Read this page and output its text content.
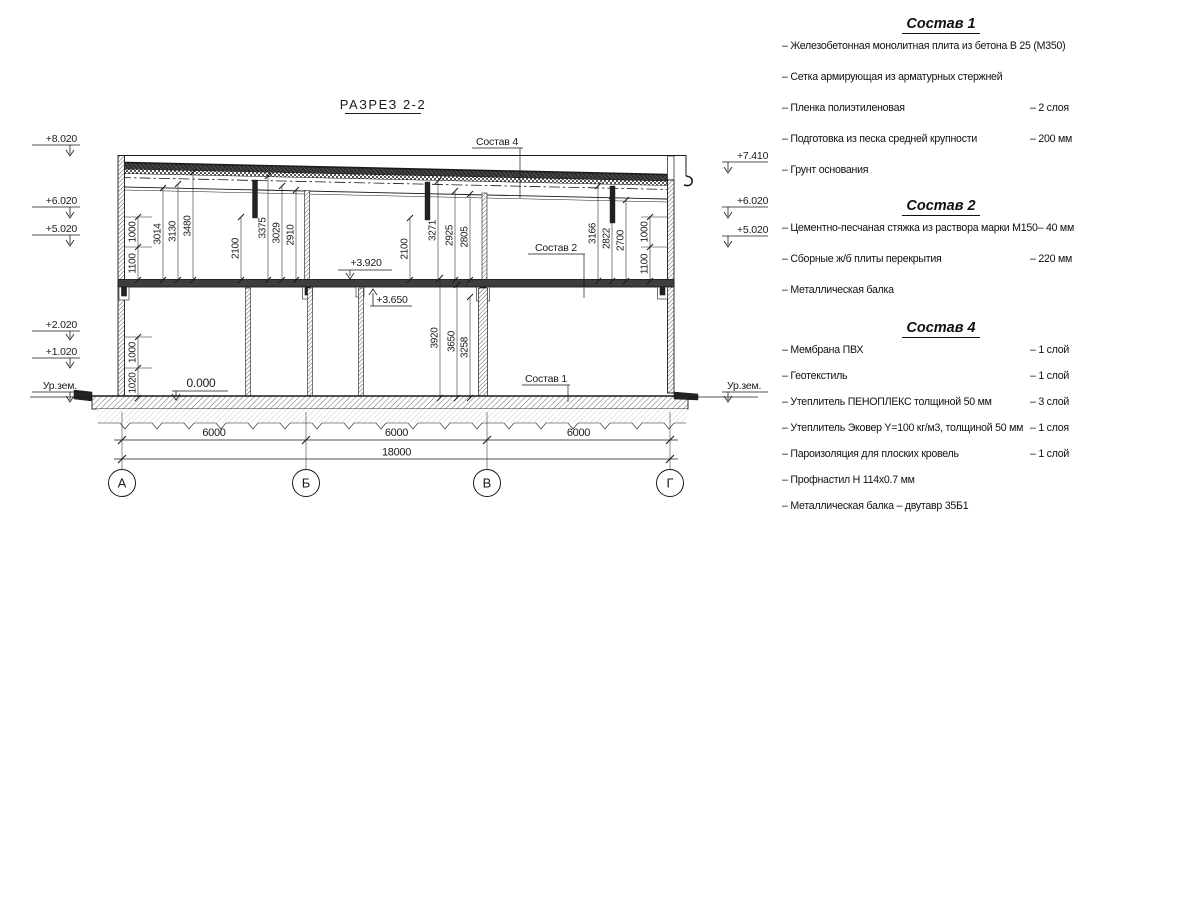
1000
1100
3014 3130 3480
2100
3375 3029 2910
2100
3271 2925 2805	3166 2822 2700 1000
1100
1000
1020
3920 3650 3258
6000	6000	6000
18000
А	Б	В	Г
+8.020
+6.020
+5.020
+2.020
+1.020
Ур.зем.
+7.410
+6.020
+5.020
Ур.зем.
0.000
+3.920
+3.650
Состав 4
Состав 2
Состав 1
РАЗРЕЗ 2-2
Состав 1
– Железобетонная монолитная плита из бетона В 25 (М350)
– Сетка армирующая из арматурных стержней
– Пленка полиэтиленовая	– 2 слоя
– Подготовка из песка средней крупности	– 200 мм
– Грунт основания
Состав 2
– Цементно-песчаная стяжка из раствора марки М150 – 40 мм
– Сборные ж/б плиты перекрытия	– 220 мм
– Металлическая балка
Состав 4
– Мембрана ПВХ	– 1 слой
– Геотекстиль	– 1 слой
– Утеплитель ПЕНОПЛЕКС толщиной 50 мм	– 3 слой
– Утеплитель Эковер Y=100 кг/м3, толщиной 50 мм – 1 слоя
– Пароизоляция для плоских кровель	– 1 слой
– Профнастил Н 114х0.7 мм
– Металлическая балка – двутавр 35Б1
